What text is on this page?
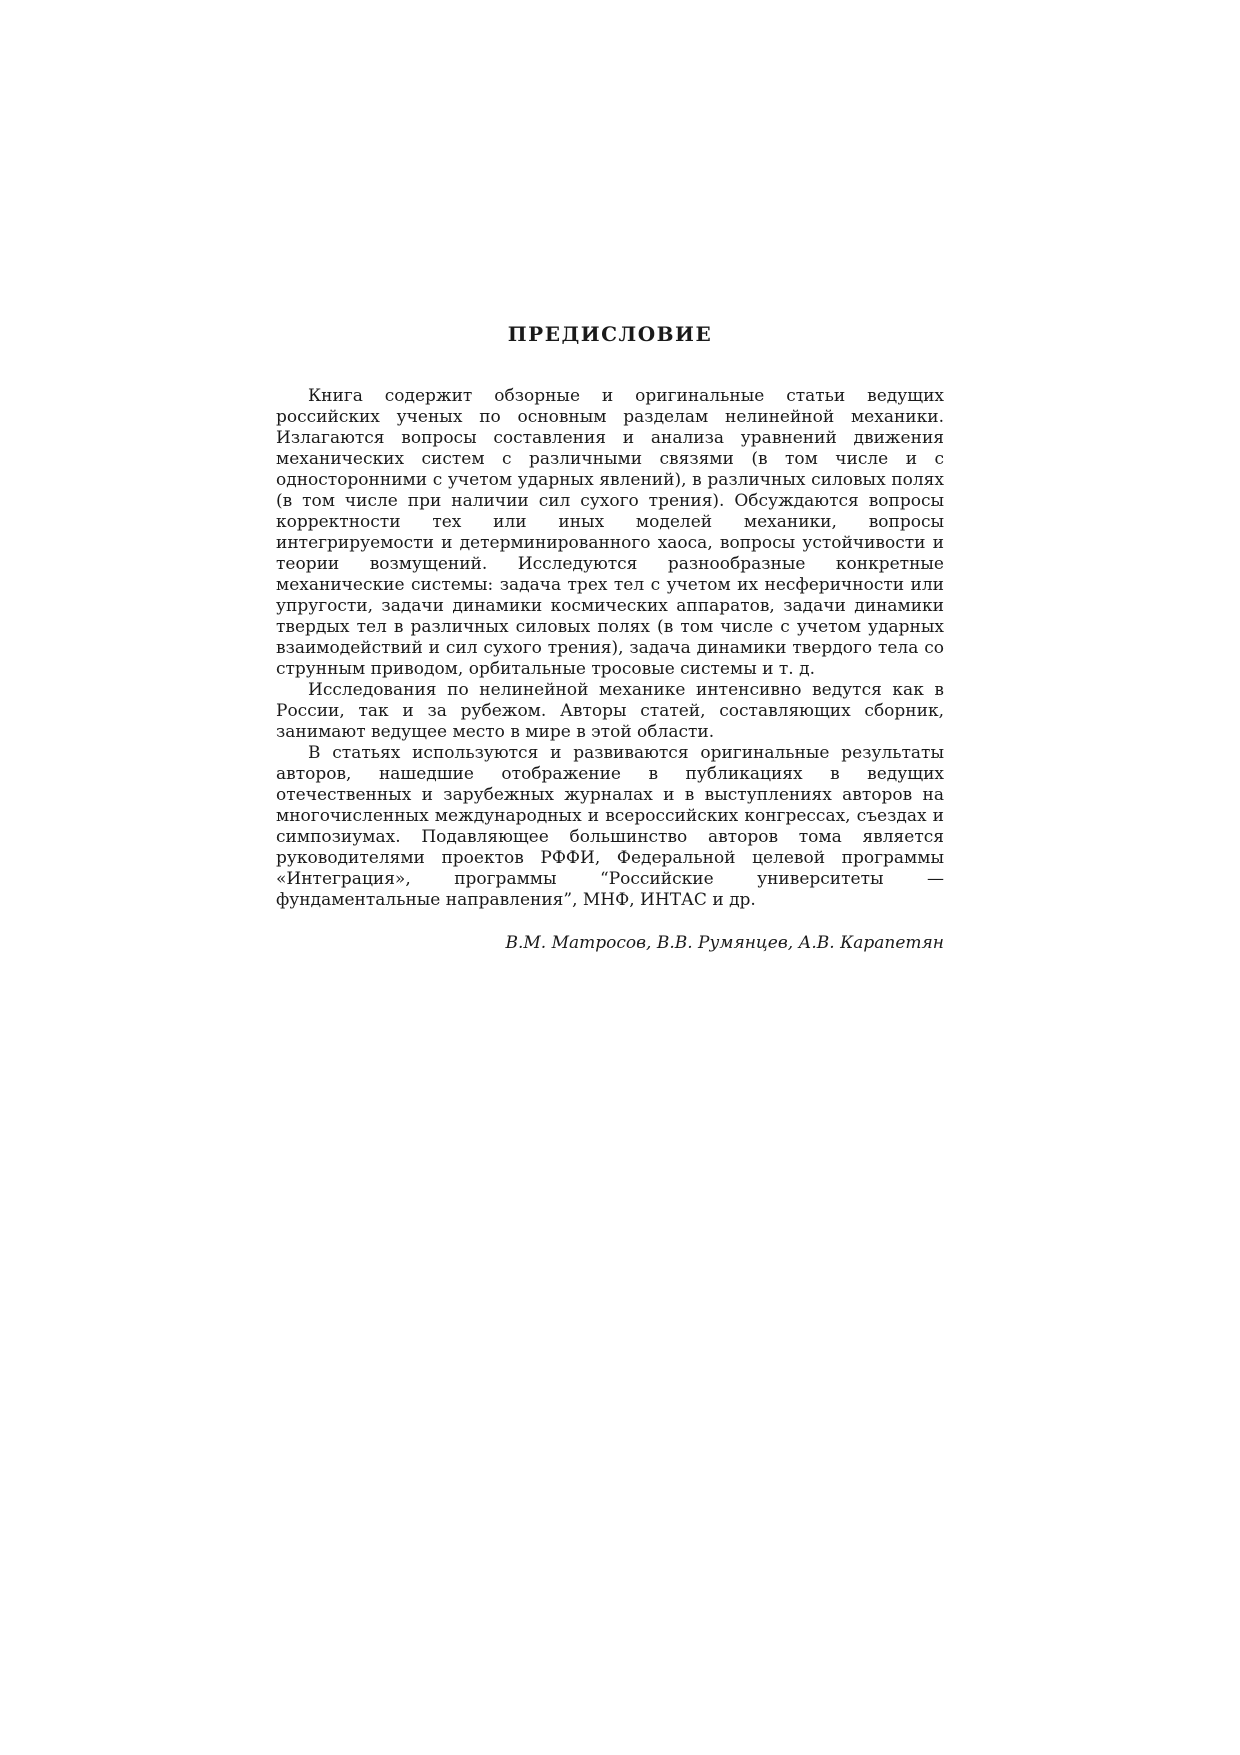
ПРЕДИСЛОВИЕ

Книга содержит обзорные и оригинальные статьи ведущих российских ученых по основным разделам нелинейной механики. Излагаются вопросы составления и анализа уравнений движения механических систем с различными связями (в том числе и с односторонними с учетом ударных явлений), в различных силовых полях (в том числе при наличии сил сухого трения). Обсуждаются вопросы корректности тех или иных моделей механики, вопросы интегрируемости и детерминированного хаоса, вопросы устойчивости и теории возмущений. Исследуются разнообразные конкретные механические системы: задача трех тел с учетом их несферичности или упругости, задачи динамики космических аппаратов, задачи динамики твердых тел в различных силовых полях (в том числе с учетом ударных взаимодействий и сил сухого трения), задача динамики твердого тела со струнным приводом, орбитальные тросовые системы и т. д.

Исследования по нелинейной механике интенсивно ведутся как в России, так и за рубежом. Авторы статей, составляющих сборник, занимают ведущее место в мире в этой области.

В статьях используются и развиваются оригинальные результаты авторов, нашедшие отображение в публикациях в ведущих отечественных и зарубежных журналах и в выступлениях авторов на многочисленных международных и всероссийских конгрессах, съездах и симпозиумах. Подавляющее большинство авторов тома является руководителями проектов РФФИ, Федеральной целевой программы «Интеграция», программы “Российские университеты — фундаментальные направления”, МНФ, ИНТАС и др.

В.М. Матросов, В.В. Румянцев, А.В. Карапетян
